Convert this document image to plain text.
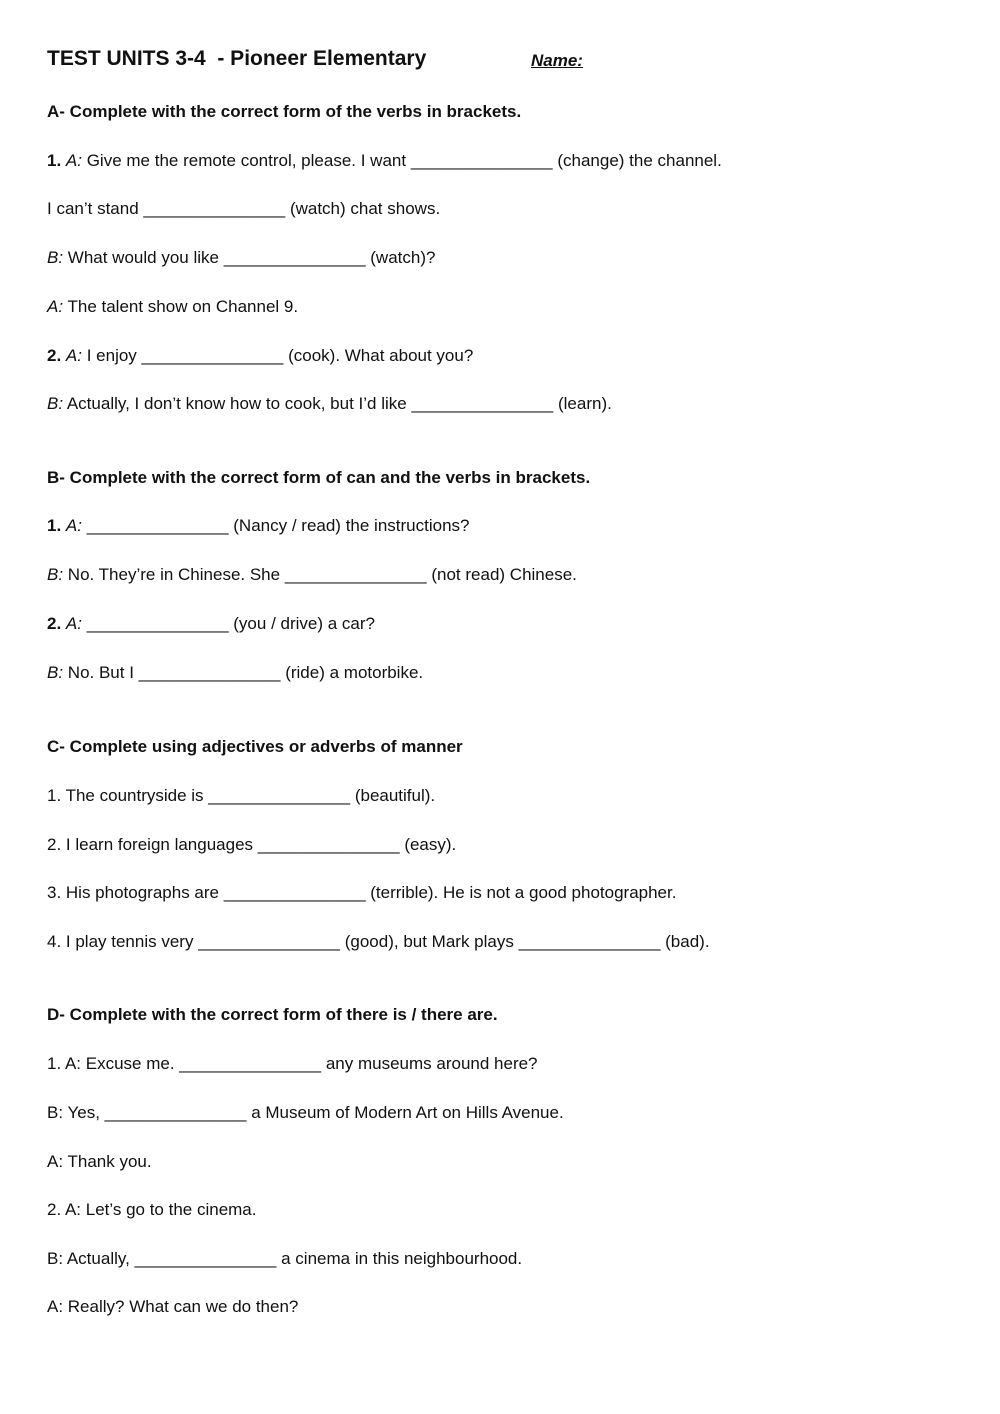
TEST UNITS 3-4  - Pioneer Elementary	Name:
A- Complete with the correct form of the verbs in brackets.
1. A: Give me the remote control, please. I want _______________ (change) the channel.
I can’t stand _______________ (watch) chat shows.
B: What would you like _______________ (watch)?
A: The talent show on Channel 9.
2. A: I enjoy _______________ (cook). What about you?
B: Actually, I don’t know how to cook, but I’d like _______________ (learn).
B- Complete with the correct form of can and the verbs in brackets.
1. A: _______________ (Nancy / read) the instructions?
B: No. They’re in Chinese. She _______________ (not read) Chinese.
2. A: _______________ (you / drive) a car?
B: No. But I _______________ (ride) a motorbike.
C- Complete using adjectives or adverbs of manner
1. The countryside is _______________ (beautiful).
2. I learn foreign languages _______________ (easy).
3. His photographs are _______________ (terrible). He is not a good photographer.
4. I play tennis very _______________ (good), but Mark plays _______________ (bad).
D- Complete with the correct form of there is / there are.
1. A: Excuse me. _______________ any museums around here?
B: Yes, _______________ a Museum of Modern Art on Hills Avenue.
A: Thank you.
2. A: Let’s go to the cinema.
B: Actually, _______________ a cinema in this neighbourhood.
A: Really? What can we do then?
